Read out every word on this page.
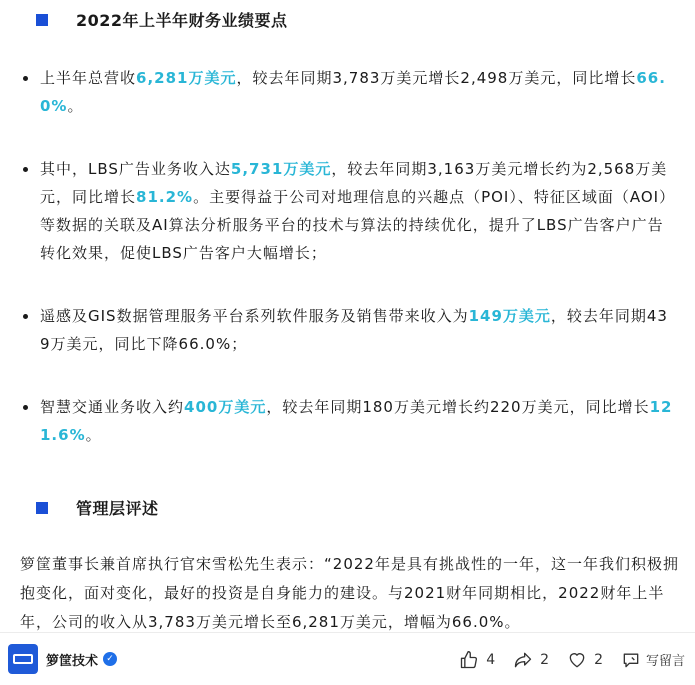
2022年上半年财务业绩要点
上半年总营收6,281万美元，较去年同期3,783万美元增长2,498万美元，同比增长66.0%。
其中，LBS广告业务收入达5,731万美元，较去年同期3,163万美元增长约为2,568万美元，同比增长81.2%。主要得益于公司对地理信息的兴趣点（POI）、特征区域面（AOI）等数据的关联及AI算法分析服务平台的技术与算法的持续优化，提升了LBS广告客户广告转化效果，促使LBS广告客户大幅增长；
遥感及GIS数据管理服务平台系列软件服务及销售带来收入为149万美元，较去年同期439万美元，同比下降66.0%；
智慧交通业务收入约400万美元，较去年同期180万美元增长约220万美元，同比增长121.6%。
管理层评述

箩筐董事长兼首席执行官宋雪松先生表示：“2022年是具有挑战性的一年，这一年我们积极拥抱变化，面对变化，最好的投资是自身能力的建设。与2021财年同期相比，2022财年上半年，公司的收入从3,783万美元增长至6,281万美元，增幅为66.0%。

箩筐技术 ✓	4	2	2	写留言
